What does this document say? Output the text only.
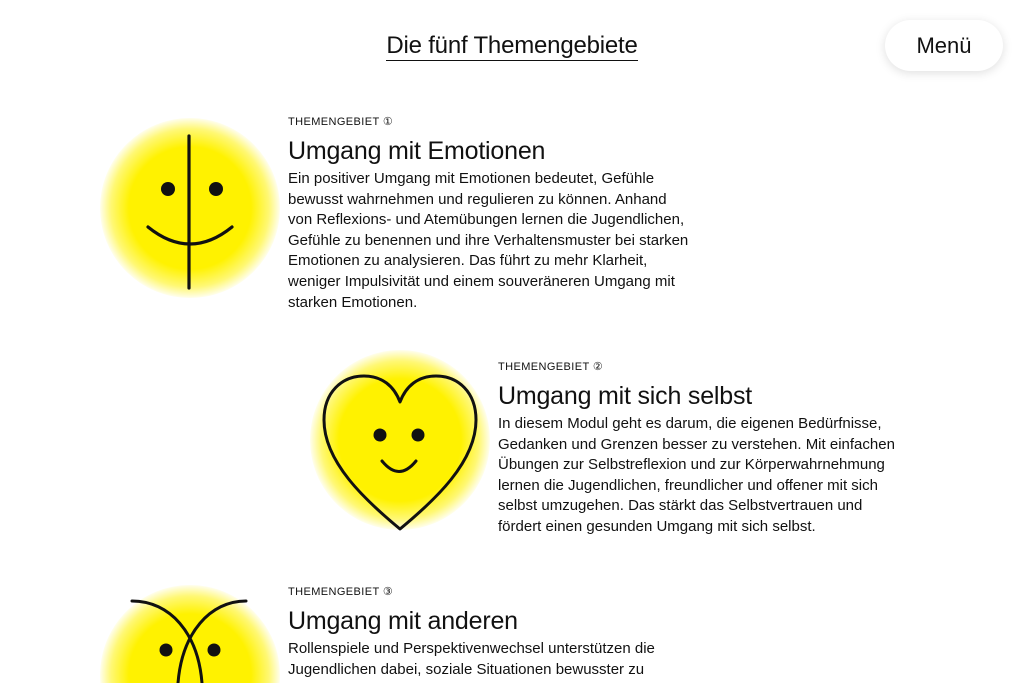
Die fünf Themengebiete	Menü

THEMENGEBIET ①

Umgang mit Emotionen

Ein positiver Umgang mit Emotionen bedeutet, Gefühle
bewusst wahrnehmen und regulieren zu können. Anhand
von Reflexions- und Atemübungen lernen die Jugendlichen,
Gefühle zu benennen und ihre Verhaltensmuster bei starken
Emotionen zu analysieren. Das führt zu mehr Klarheit,
weniger Impulsivität und einem souveräneren Umgang mit
starken Emotionen.

THEMENGEBIET ②

Umgang mit sich selbst

In diesem Modul geht es darum, die eigenen Bedürfnisse,
Gedanken und Grenzen besser zu verstehen. Mit einfachen
Übungen zur Selbstreflexion und zur Körperwahrnehmung
lernen die Jugendlichen, freundlicher und offener mit sich
selbst umzugehen. Das stärkt das Selbstvertrauen und
fördert einen gesunden Umgang mit sich selbst.

THEMENGEBIET ③

Umgang mit anderen

Rollenspiele und Perspektivenwechsel unterstützen die
Jugendlichen dabei, soziale Situationen bewusster zu
